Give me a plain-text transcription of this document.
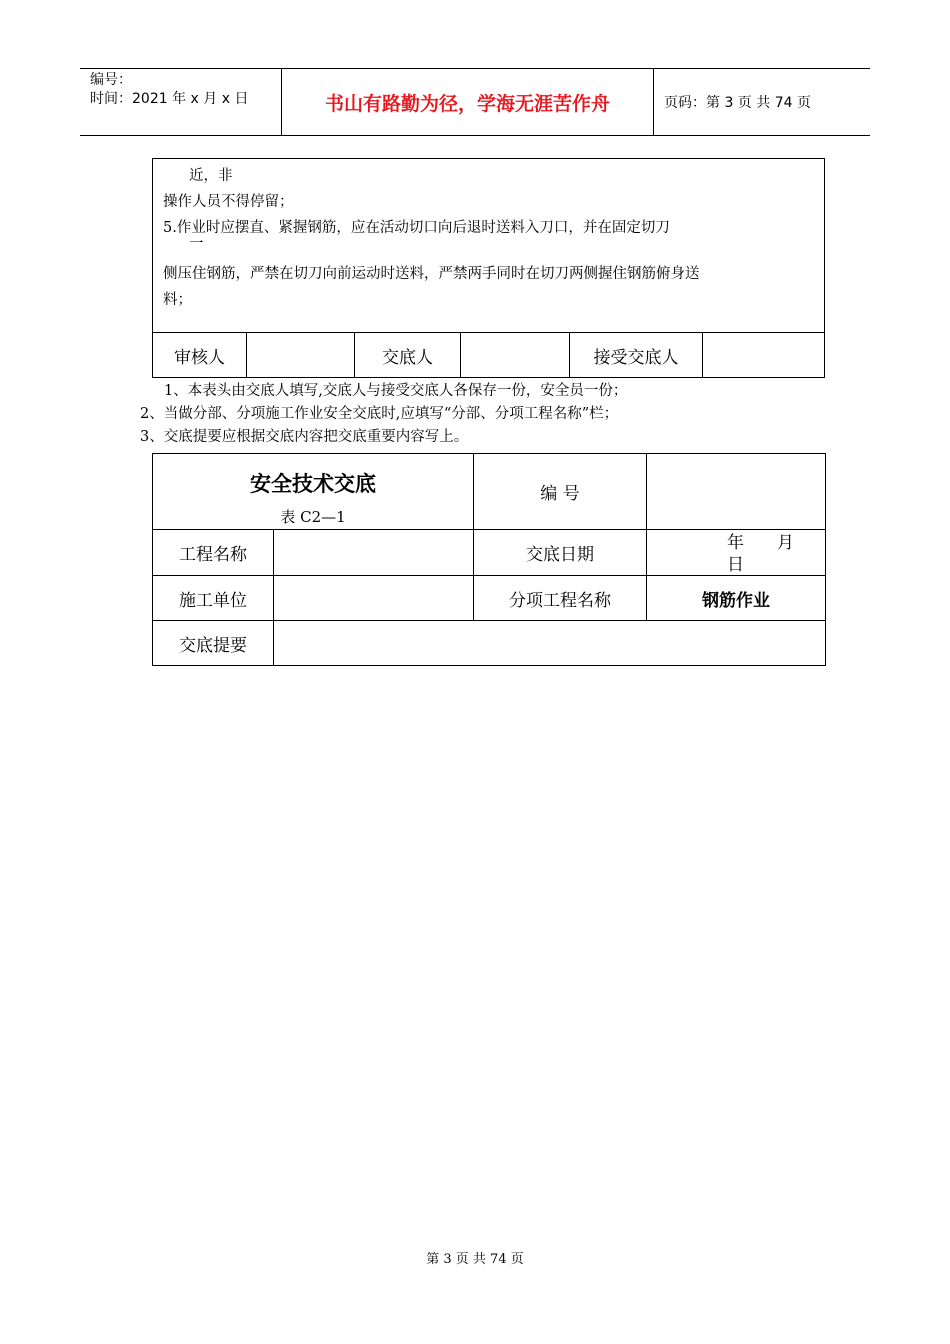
编号：
时间：2021 年 x 月 x 日	书山有路勤为径，学海无涯苦作舟	页码：第 3 页 共 74 页

近，非

操作人员不得停留；

5.作业时应摆直、紧握钢筋，应在活动切口向后退时送料入刀口，并在固定切刀

一

侧压住钢筋，严禁在切刀向前运动时送料，严禁两手同时在切刀两侧握住钢筋俯身送

料；

审核人	交底人	接受交底人

1、本表头由交底人填写,交底人与接受交底人各保存一份，安全员一份；

2、当做分部、分项施工作业安全交底时,应填写“分部、分项工程名称”栏；

3、交底提要应根据交底内容把交底重要内容写上。

安全技术交底
表 C2—1		编 号	
工程名称		交底日期	年 月
日

施工单位		分项工程名称	钢筋作业
交底提要			
第 3 页 共 74 页
